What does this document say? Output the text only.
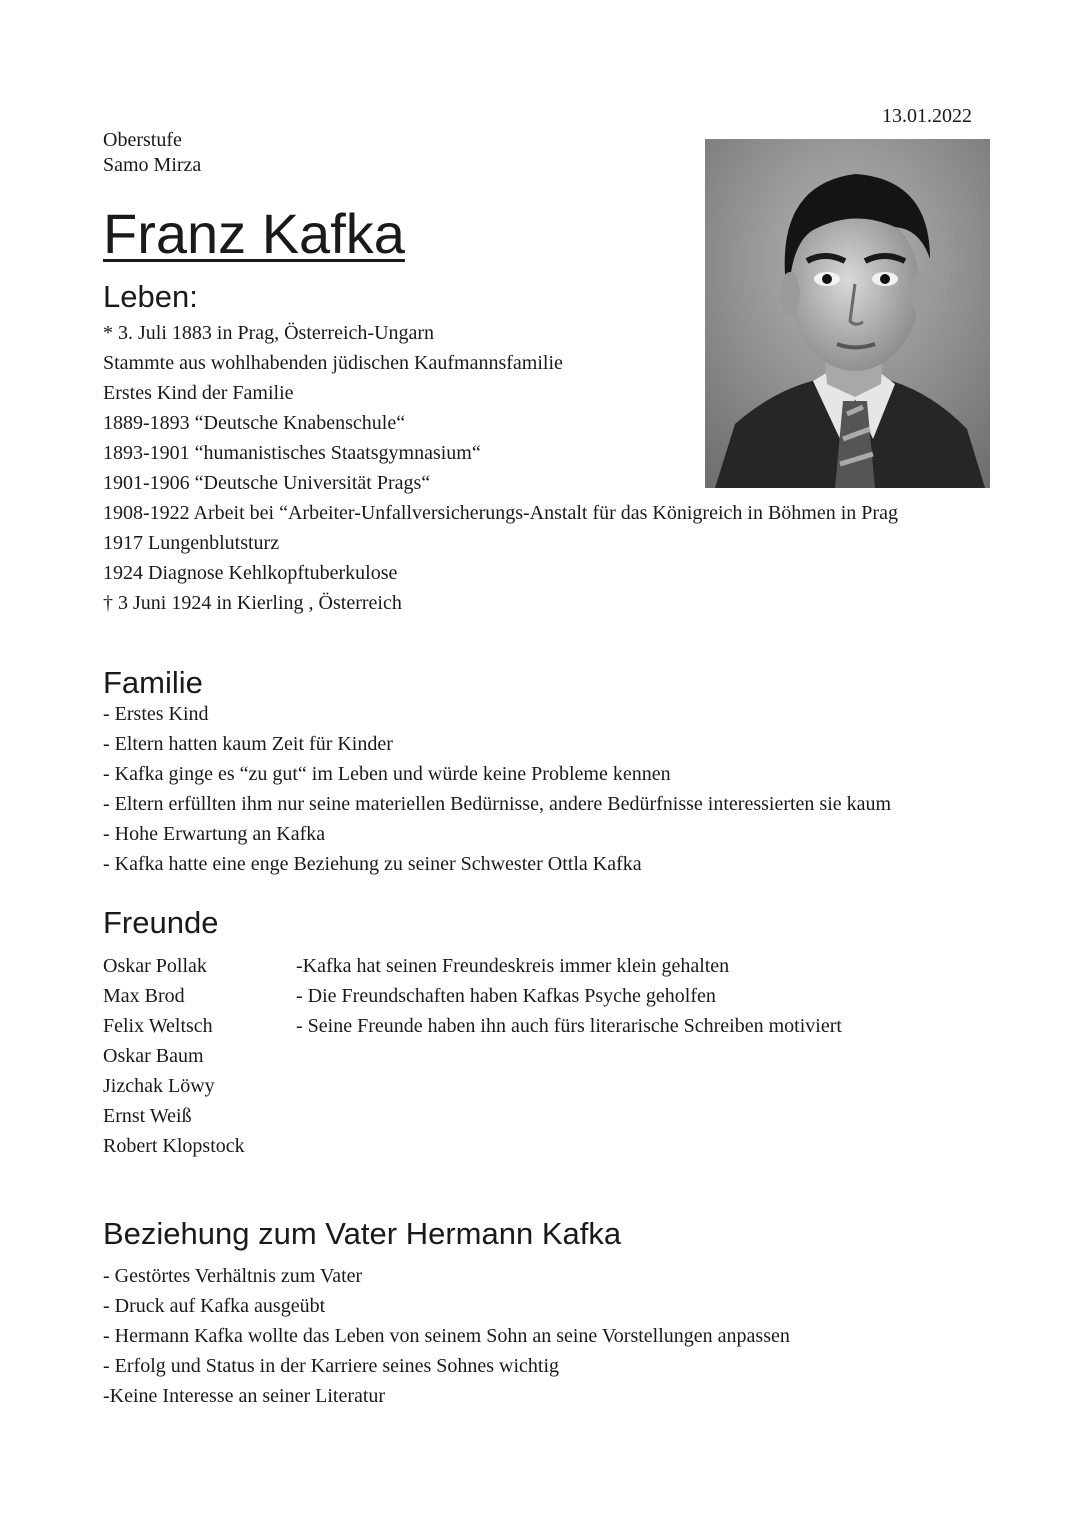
13.01.2022
Oberstufe
Samo Mirza
Franz Kafka
Leben:
* 3. Juli 1883 in Prag, Österreich-Ungarn
Stammte aus wohlhabenden jüdischen Kaufmannsfamilie
Erstes Kind der Familie
1889-1893 “Deutsche Knabenschule“
1893-1901 “humanistisches Staatsgymnasium“
1901-1906 “Deutsche Universität Prags“
1908-1922 Arbeit bei “Arbeiter-Unfallversicherungs-Anstalt für das Königreich in Böhmen in Prag
1917 Lungenblutsturz
1924 Diagnose Kehlkopftuberkulose
† 3 Juni 1924 in Kierling , Österreich
Familie
- Erstes Kind
- Eltern hatten kaum Zeit für Kinder
- Kafka ginge es “zu gut“ im Leben und würde keine Probleme kennen
- Eltern erfüllten ihm nur seine materiellen Bedürnisse, andere Bedürfnisse interessierten sie kaum
- Hohe Erwartung an Kafka
- Kafka hatte eine enge Beziehung zu seiner Schwester Ottla Kafka
Freunde
Oskar Pollak
Max Brod
Felix Weltsch
Oskar Baum
Jizchak Löwy
Ernst Weiß
Robert Klopstock
-Kafka hat seinen Freundeskreis immer klein gehalten
- Die Freundschaften haben Kafkas Psyche geholfen
- Seine Freunde haben ihn auch fürs literarische Schreiben motiviert
Beziehung zum Vater Hermann Kafka
- Gestörtes Verhältnis zum Vater
- Druck auf Kafka ausgeübt
- Hermann Kafka wollte das Leben von seinem Sohn an seine Vorstellungen anpassen
- Erfolg und Status in der Karriere seines Sohnes wichtig
-Keine Interesse an seiner Literatur
